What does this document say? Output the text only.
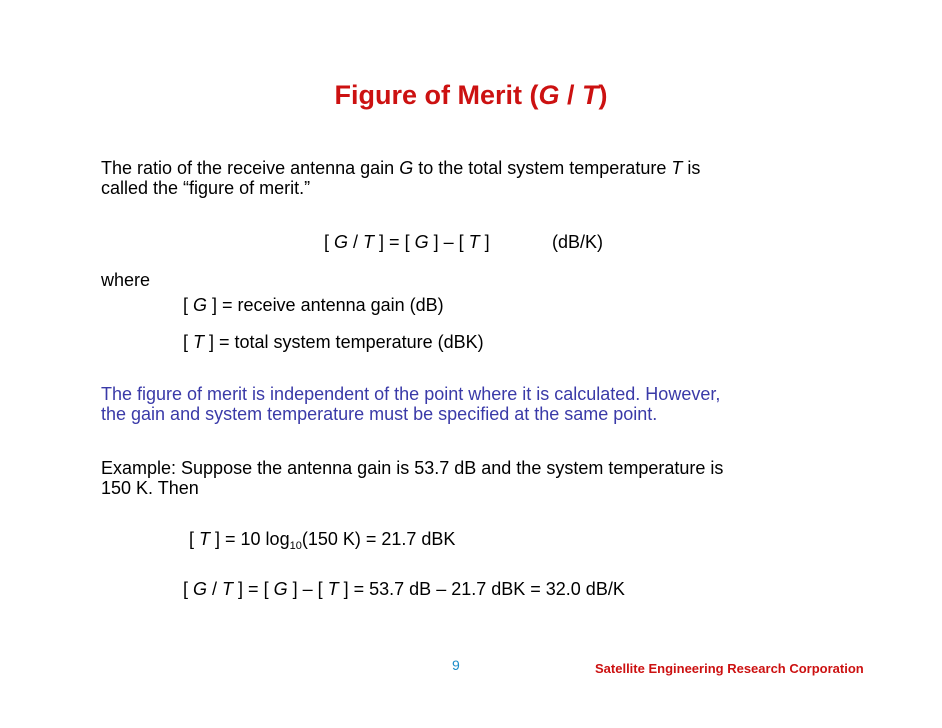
Figure of Merit (G / T)
The ratio of the receive antenna gain G to the total system temperature T is
called the “figure of merit.”
[ G / T ] = [ G ] – [ T ]	(dB/K)
where
[ G ] = receive antenna gain (dB)
[ T ] = total system temperature (dBK)
The figure of merit is independent of the point where it is calculated. However,
the gain and system temperature must be specified at the same point.
Example: Suppose the antenna gain is 53.7 dB and the system temperature is
150 K. Then
[ T ] = 10 $\log_{10}(150$ K) = 21.7 dBK
[ G / T ] = [ G ] – [ T ] = 53.7 dB – 21.7 dBK = 32.0 dB/K
9	Satellite Engineering Research Corporation
